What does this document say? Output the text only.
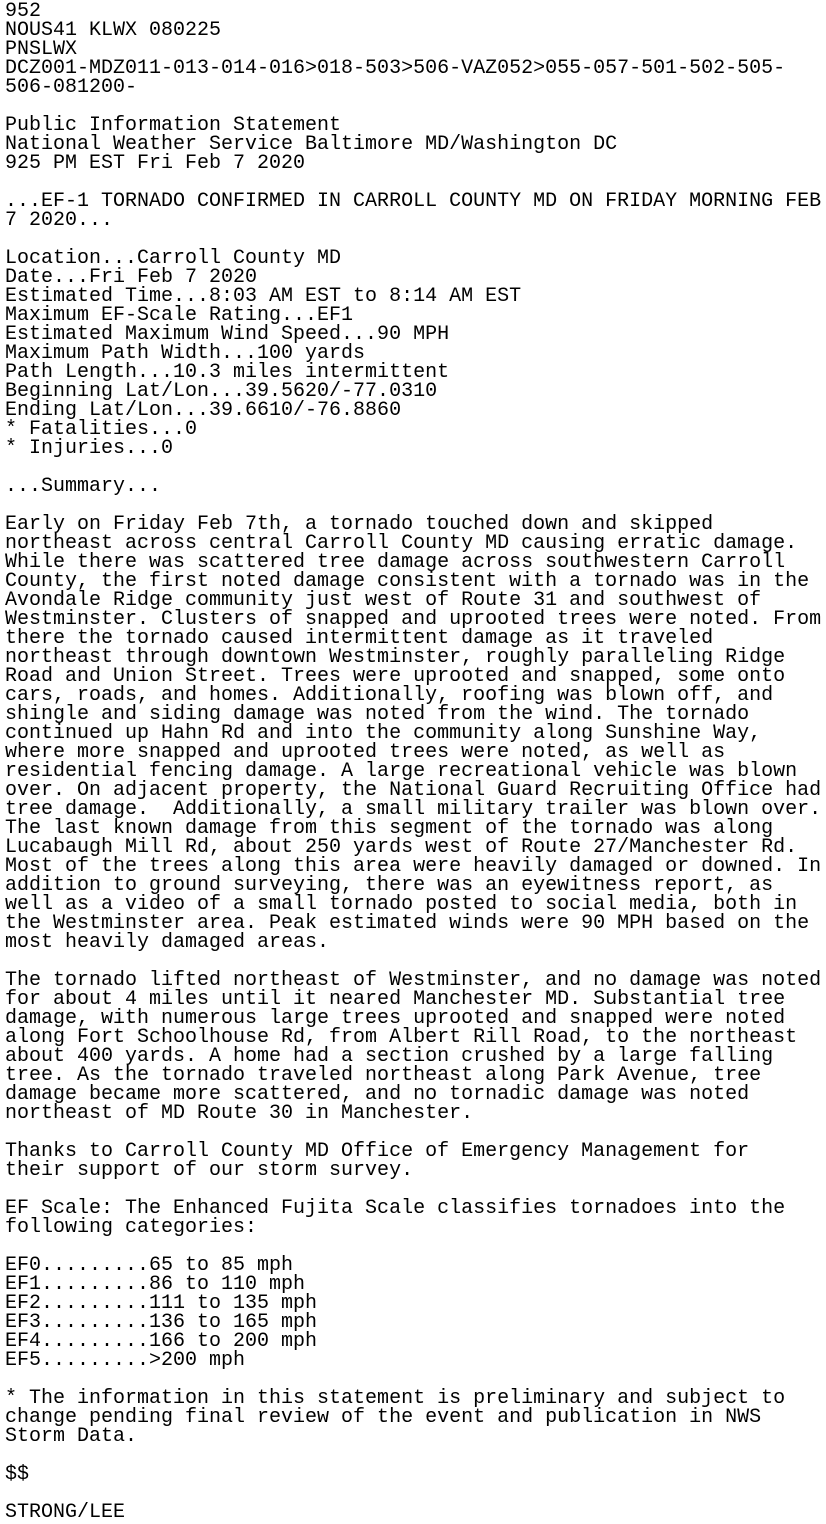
952
NOUS41 KLWX 080225
PNSLWX
DCZ001-MDZ011-013-014-016>018-503>506-VAZ052>055-057-501-502-505-
506-081200-
Public Information Statement
National Weather Service Baltimore MD/Washington DC
925 PM EST Fri Feb 7 2020
...EF-1 TORNADO CONFIRMED IN CARROLL COUNTY MD ON FRIDAY MORNING FEB
7 2020...
Location...Carroll County MD
Date...Fri Feb 7 2020
Estimated Time...8:03 AM EST to 8:14 AM EST
Maximum EF-Scale Rating...EF1
Estimated Maximum Wind Speed...90 MPH
Maximum Path Width...100 yards
Path Length...10.3 miles intermittent
Beginning Lat/Lon...39.5620/-77.0310
Ending Lat/Lon...39.6610/-76.8860
* Fatalities...0
* Injuries...0
...Summary...
Early on Friday Feb 7th, a tornado touched down and skipped
northeast across central Carroll County MD causing erratic damage.
While there was scattered tree damage across southwestern Carroll
County, the first noted damage consistent with a tornado was in the
Avondale Ridge community just west of Route 31 and southwest of
Westminster. Clusters of snapped and uprooted trees were noted. From
there the tornado caused intermittent damage as it traveled
northeast through downtown Westminster, roughly paralleling Ridge
Road and Union Street. Trees were uprooted and snapped, some onto
cars, roads, and homes. Additionally, roofing was blown off, and
shingle and siding damage was noted from the wind. The tornado
continued up Hahn Rd and into the community along Sunshine Way,
where more snapped and uprooted trees were noted, as well as
residential fencing damage. A large recreational vehicle was blown
over. On adjacent property, the National Guard Recruiting Office had
tree damage.  Additionally, a small military trailer was blown over.
The last known damage from this segment of the tornado was along
Lucabaugh Mill Rd, about 250 yards west of Route 27/Manchester Rd.
Most of the trees along this area were heavily damaged or downed. In
addition to ground surveying, there was an eyewitness report, as
well as a video of a small tornado posted to social media, both in
the Westminster area. Peak estimated winds were 90 MPH based on the
most heavily damaged areas.
The tornado lifted northeast of Westminster, and no damage was noted
for about 4 miles until it neared Manchester MD. Substantial tree
damage, with numerous large trees uprooted and snapped were noted
along Fort Schoolhouse Rd, from Albert Rill Road, to the northeast
about 400 yards. A home had a section crushed by a large falling
tree. As the tornado traveled northeast along Park Avenue, tree
damage became more scattered, and no tornadic damage was noted
northeast of MD Route 30 in Manchester.
Thanks to Carroll County MD Office of Emergency Management for
their support of our storm survey.
EF Scale: The Enhanced Fujita Scale classifies tornadoes into the
following categories:
EF0.........65 to 85 mph
EF1.........86 to 110 mph
EF2.........111 to 135 mph
EF3.........136 to 165 mph
EF4.........166 to 200 mph
EF5.........>200 mph
* The information in this statement is preliminary and subject to
change pending final review of the event and publication in NWS
Storm Data.
$$
STRONG/LEE
